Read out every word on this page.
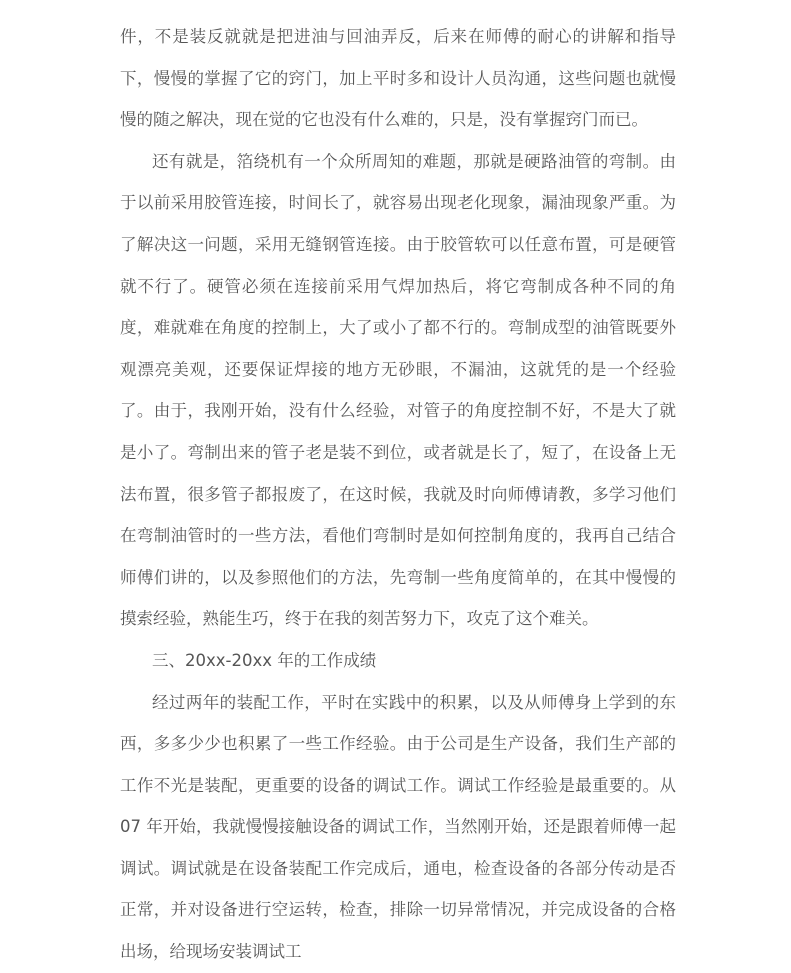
件，不是装反就就是把进油与回油弄反，后来在师傅的耐心的讲解和指导下，慢慢的掌握了它的窍门，加上平时多和设计人员沟通，这些问题也就慢慢的随之解决，现在觉的它也没有什么难的，只是，没有掌握窍门而已。

还有就是，箔绕机有一个众所周知的难题，那就是硬路油管的弯制。由于以前采用胶管连接，时间长了，就容易出现老化现象，漏油现象严重。为了解决这一问题，采用无缝钢管连接。由于胶管软可以任意布置，可是硬管就不行了。硬管必须在连接前采用气焊加热后，将它弯制成各种不同的角度，难就难在角度的控制上，大了或小了都不行的。弯制成型的油管既要外观漂亮美观，还要保证焊接的地方无砂眼，不漏油，这就凭的是一个经验了。由于，我刚开始，没有什么经验，对管子的角度控制不好，不是大了就是小了。弯制出来的管子老是装不到位，或者就是长了，短了，在设备上无法布置，很多管子都报废了，在这时候，我就及时向师傅请教，多学习他们在弯制油管时的一些方法，看他们弯制时是如何控制角度的，我再自己结合师傅们讲的，以及参照他们的方法，先弯制一些角度简单的，在其中慢慢的摸索经验，熟能生巧，终于在我的刻苦努力下，攻克了这个难关。

三、20xx-20xx 年的工作成绩

经过两年的装配工作，平时在实践中的积累，以及从师傅身上学到的东西，多多少少也积累了一些工作经验。由于公司是生产设备，我们生产部的工作不光是装配，更重要的设备的调试工作。调试工作经验是最重要的。从 07 年开始，我就慢慢接触设备的调试工作，当然刚开始，还是跟着师傅一起调试。调试就是在设备装配工作完成后，通电，检查设备的各部分传动是否正常，并对设备进行空运转，检查，排除一切异常情况，并完成设备的合格出场，给现场安装调试工
